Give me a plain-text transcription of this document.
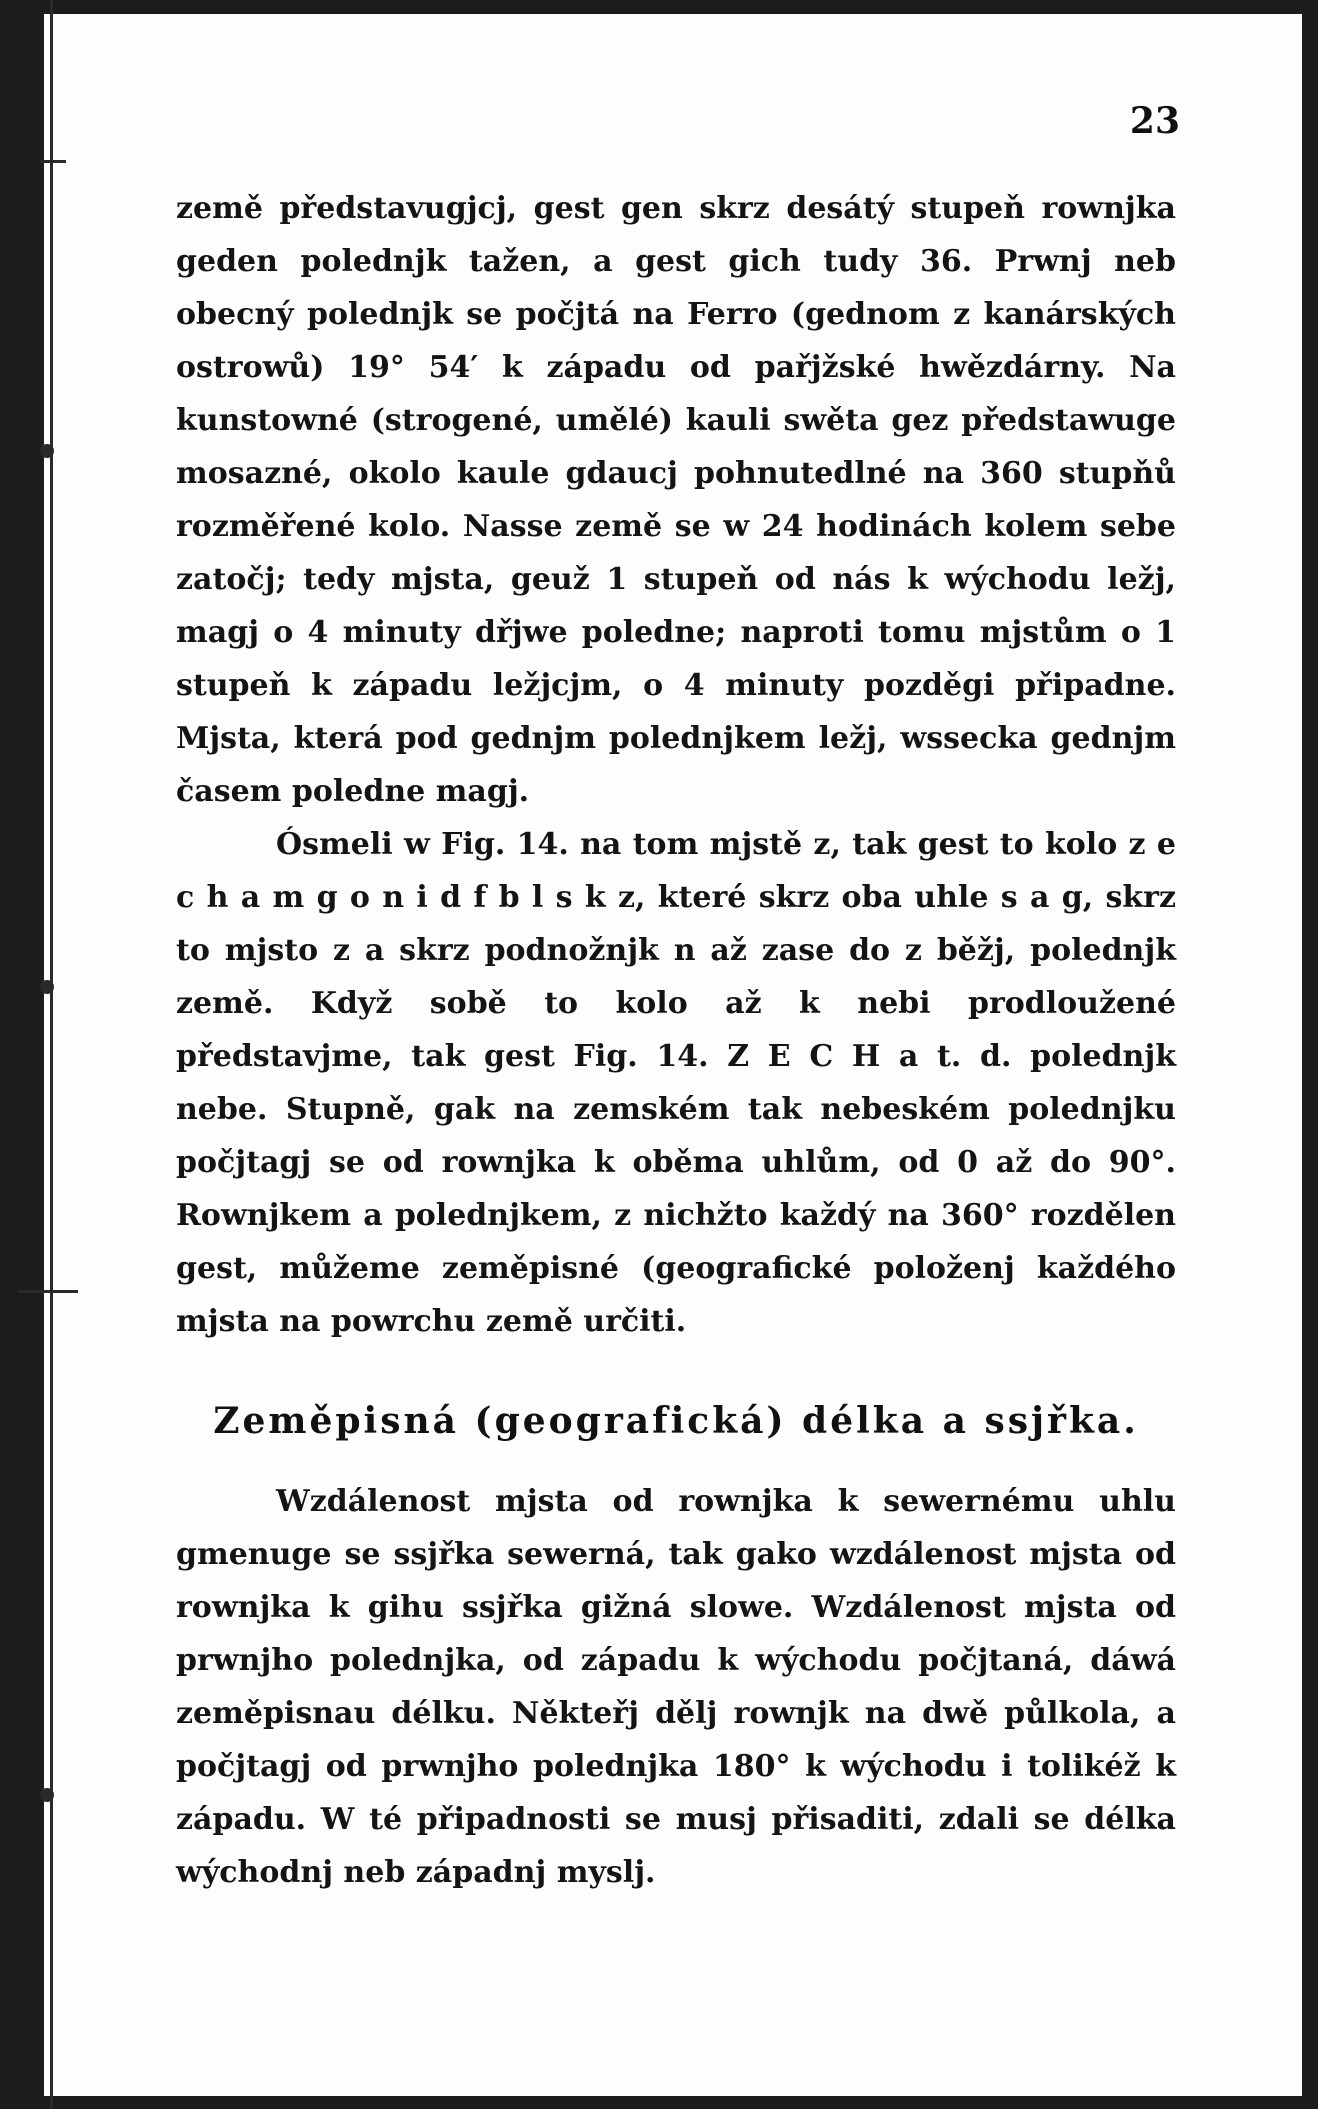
23

země představugjcj, gest gen skrz desátý stupeň rownjka geden polednjk tažen, a gest gich tudy 36. Prwnj neb obecný polednjk se počjtá na Ferro (gednom z kanárských ostrowů) 19° 54′ k západu od pařjžské hwězdárny. Na kunstowné (strogené, umělé) kauli swěta gez předstawuge mosazné, okolo kaule gdaucj pohnutedlné na 360 stupňů rozměřené kolo. Nasse země se w 24 hodinách kolem sebe zatočj; tedy mjsta, geuž 1 stupeň od nás k wýchodu ležj, magj o 4 minuty dřjwe poledne; naproti tomu mjstům o 1 stupeň k západu ležjcjm, o 4 minuty pozděgi připadne. Mjsta, která pod gednjm polednjkem ležj, wssecka gednjm časem poledne magj.

Ósmeli w Fig. 14. na tom mjstě z, tak gest to kolo z e c h a m g o n i d f b l s k z, které skrz oba uhle s a g, skrz to mjsto z a skrz podnožnjk n až zase do z běžj, polednjk země. Když sobě to kolo až k nebi prodloužené představjme, tak gest Fig. 14. Z E C H a t. d. polednjk nebe. Stupně, gak na zemském tak nebeském polednjku počjtagj se od rownjka k oběma uhlům, od 0 až do 90°. Rownjkem a polednjkem, z nichžto každý na 360° rozdělen gest, můžeme zeměpisné (geografické položenj každého mjsta na powrchu země určiti.

Zeměpisná (geografická) délka a ssjřka.

Wzdálenost mjsta od rownjka k sewernému uhlu gmenuge se ssjřka sewerná, tak gako wzdálenost mjsta od rownjka k gihu ssjřka gižná slowe. Wzdálenost mjsta od prwnjho polednjka, od západu k wýchodu počjtaná, dáwá zeměpisnau délku. Někteřj dělj rownjk na dwě půlkola, a počjtagj od prwnjho polednjka 180° k wýchodu i tolikéž k západu. W té připadnosti se musj přisaditi, zdali se délka wýchodnj neb západnj myslj.
